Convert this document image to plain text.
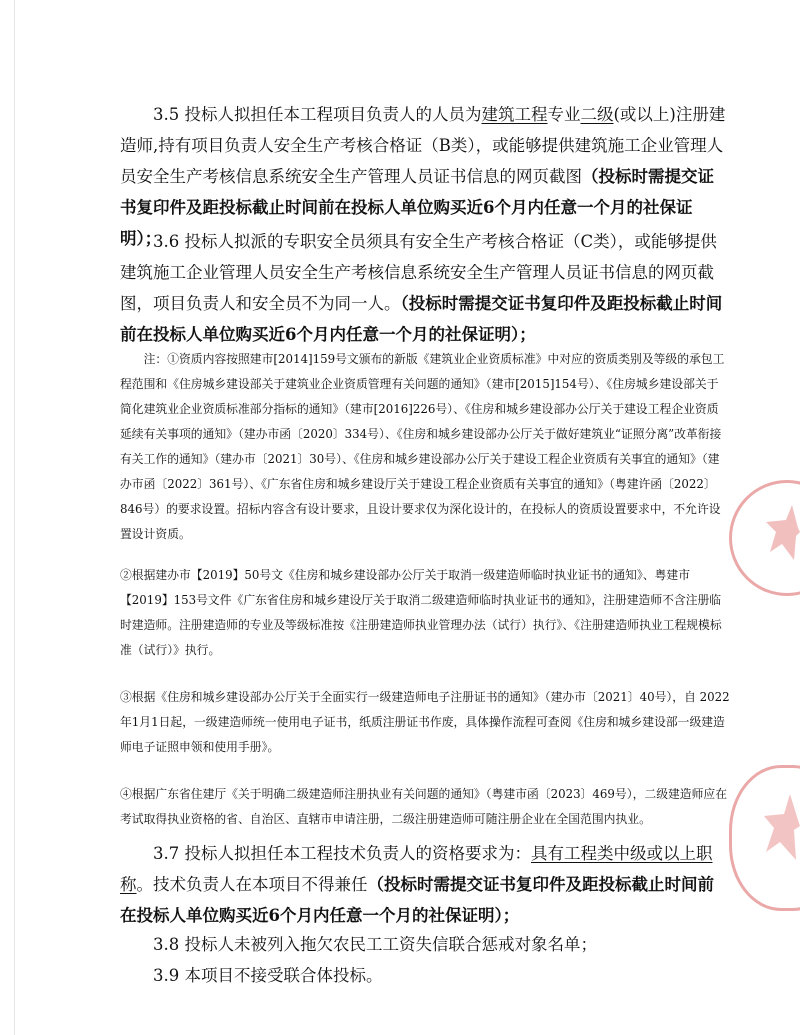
3.5 投标人拟担任本工程项目负责人的人员为建筑工程专业二级(或以上)注册建造师,持有项目负责人安全生产考核合格证（B类），或能够提供建筑施工企业管理人员安全生产考核信息系统安全生产管理人员证书信息的网页截图（投标时需提交证书复印件及距投标截止时间前在投标人单位购买近6个月内任意一个月的社保证明）；

3.6 投标人拟派的专职安全员须具有安全生产考核合格证（C类），或能够提供建筑施工企业管理人员安全生产考核信息系统安全生产管理人员证书信息的网页截图，项目负责人和安全员不为同一人。（投标时需提交证书复印件及距投标截止时间前在投标人单位购买近6个月内任意一个月的社保证明）；

注：①资质内容按照建市[2014]159号文颁布的新版《建筑业企业资质标准》中对应的资质类别及等级的承包工程范围和《住房城乡建设部关于建筑业企业资质管理有关问题的通知》（建市[2015]154号）、《住房城乡建设部关于简化建筑业企业资质标准部分指标的通知》（建市[2016]226号）、《住房和城乡建设部办公厅关于建设工程企业资质延续有关事项的通知》（建办市函〔2020〕334号）、《住房和城乡建设部办公厅关于做好建筑业“证照分离”改革衔接有关工作的通知》（建办市〔2021〕30号）、《住房和城乡建设部办公厅关于建设工程企业资质有关事宜的通知》（建办市函〔2022〕361号）、《广东省住房和城乡建设厅关于建设工程企业资质有关事宜的通知》（粤建许函〔2022〕846号）的要求设置。招标内容含有设计要求，且设计要求仅为深化设计的，在投标人的资质设置要求中，不允许设置设计资质。

②根据建办市【2019】50号文《住房和城乡建设部办公厅关于取消一级建造师临时执业证书的通知》、粤建市【2019】153号文件《广东省住房和城乡建设厅关于取消二级建造师临时执业证书的通知》，注册建造师不含注册临时建造师。注册建造师的专业及等级标准按《注册建造师执业管理办法（试行）执行》、《注册建造师执业工程规模标准（试行）》执行。

③根据《住房和城乡建设部办公厅关于全面实行一级建造师电子注册证书的通知》（建办市〔2021〕40号），自 2022年1月1日起，一级建造师统一使用电子证书，纸质注册证书作废，具体操作流程可查阅《住房和城乡建设部一级建造师电子证照申领和使用手册》。

④根据广东省住建厅《关于明确二级建造师注册执业有关问题的通知》（粤建市函〔2023〕469号），二级建造师应在考试取得执业资格的省、自治区、直辖市申请注册，二级注册建造师可随注册企业在全国范围内执业。

3.7 投标人拟担任本工程技术负责人的资格要求为：具有工程类中级或以上职称。技术负责人在本项目不得兼任（投标时需提交证书复印件及距投标截止时间前在投标人单位购买近6个月内任意一个月的社保证明）；

3.8 投标人未被列入拖欠农民工工资失信联合惩戒对象名单；

3.9 本项目不接受联合体投标。
